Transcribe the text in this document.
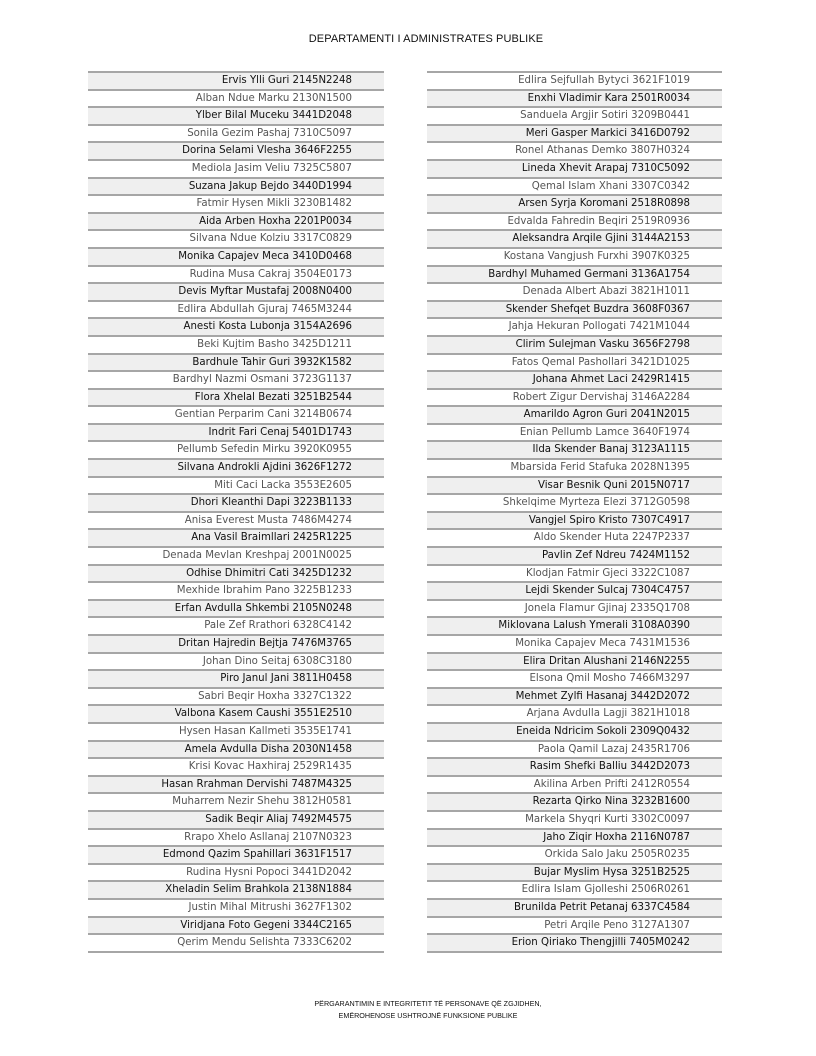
DEPARTAMENTI I ADMINISTRATES PUBLIKE
Ervis Ylli Guri 2145N2248
Alban Ndue Marku 2130N1500
Ylber Bilal Muceku 3441D2048
Sonila Gezim Pashaj 7310C5097
Dorina Selami Vlesha 3646F2255
Mediola Jasim Veliu 7325C5807
Suzana Jakup Bejdo 3440D1994
Fatmir Hysen Mikli 3230B1482
Aida Arben Hoxha 2201P0034
Silvana Ndue Kolziu 3317C0829
Monika Capajev Meca 3410D0468
Rudina Musa Cakraj 3504E0173
Devis Myftar Mustafaj 2008N0400
Edlira Abdullah Gjuraj 7465M3244
Anesti Kosta Lubonja 3154A2696
Beki Kujtim Basho 3425D1211
Bardhule Tahir Guri 3932K1582
Bardhyl Nazmi Osmani 3723G1137
Flora Xhelal Bezati 3251B2544
Gentian Perparim Cani 3214B0674
Indrit Fari Cenaj 5401D1743
Pellumb Sefedin Mirku 3920K0955
Silvana Androkli Ajdini 3626F1272
Miti Caci Lacka 3553E2605
Dhori Kleanthi Dapi 3223B1133
Anisa Everest Musta 7486M4274
Ana Vasil Braimllari 2425R1225
Denada Mevlan Kreshpaj 2001N0025
Odhise Dhimitri Cati 3425D1232
Mexhide Ibrahim Pano 3225B1233
Erfan Avdulla Shkembi 2105N0248
Pale Zef Rrathori 6328C4142
Dritan Hajredin Bejtja 7476M3765
Johan Dino Seitaj 6308C3180
Piro Janul Jani 3811H0458
Sabri Beqir Hoxha 3327C1322
Valbona Kasem Caushi 3551E2510
Hysen Hasan Kallmeti 3535E1741
Amela Avdulla Disha 2030N1458
Krisi Kovac Haxhiraj 2529R1435
Hasan Rrahman Dervishi 7487M4325
Muharrem Nezir Shehu 3812H0581
Sadik Beqir Aliaj 7492M4575
Rrapo Xhelo Asllanaj 2107N0323
Edmond Qazim Spahillari 3631F1517
Rudina Hysni Popoci 3441D2042
Xheladin Selim Brahkola 2138N1884
Justin Mihal Mitrushi 3627F1302
Viridjana Foto Gegeni 3344C2165
Qerim Mendu Selishta 7333C6202
Edlira Sejfullah Bytyci 3621F1019
Enxhi Vladimir Kara 2501R0034
Sanduela Argjir Sotiri 3209B0441
Meri Gasper Markici 3416D0792
Ronel Athanas Demko 3807H0324
Lineda Xhevit Arapaj 7310C5092
Qemal Islam Xhani 3307C0342
Arsen Syrja Koromani 2518R0898
Edvalda Fahredin Beqiri 2519R0936
Aleksandra Arqile Gjini 3144A2153
Kostana Vangjush Furxhi 3907K0325
Bardhyl Muhamed Germani 3136A1754
Denada Albert Abazi 3821H1011
Skender Shefqet Buzdra 3608F0367
Jahja Hekuran Pollogati 7421M1044
Clirim Sulejman Vasku 3656F2798
Fatos Qemal Pashollari 3421D1025
Johana Ahmet Laci 2429R1415
Robert Zigur Dervishaj 3146A2284
Amarildo Agron Guri 2041N2015
Enian Pellumb Lamce 3640F1974
Ilda Skender Banaj 3123A1115
Mbarsida Ferid Stafuka 2028N1395
Visar Besnik Quni 2015N0717
Shkelqime Myrteza Elezi 3712G0598
Vangjel Spiro Kristo 7307C4917
Aldo Skender Huta 2247P2337
Pavlin Zef Ndreu 7424M1152
Klodjan Fatmir Gjeci 3322C1087
Lejdi Skender Sulcaj 7304C4757
Jonela Flamur Gjinaj 2335Q1708
Miklovana Lalush Ymerali 3108A0390
Monika Capajev Meca 7431M1536
Elira Dritan Alushani 2146N2255
Elsona Qmil Mosho 7466M3297
Mehmet Zylfi Hasanaj 3442D2072
Arjana Avdulla Lagji 3821H1018
Eneida Ndricim Sokoli 2309Q0432
Paola Qamil Lazaj 2435R1706
Rasim Shefki Balliu 3442D2073
Akilina Arben Prifti 2412R0554
Rezarta Qirko Nina 3232B1600
Markela Shyqri Kurti 3302C0097
Jaho Ziqir Hoxha 2116N0787
Orkida Salo Jaku 2505R0235
Bujar Myslim Hysa 3251B2525
Edlira Islam Gjolleshi 2506R0261
Brunilda Petrit Petanaj 6337C4584
Petri Arqile Peno 3127A1307
Erion Qiriako Thengjilli 7405M0242
PËRGARANTIMIN E INTEGRITETIT TË PERSONAVE QË ZGJIDHEN,
EMËROHENOSE USHTROJNË FUNKSIONE PUBLIKE
